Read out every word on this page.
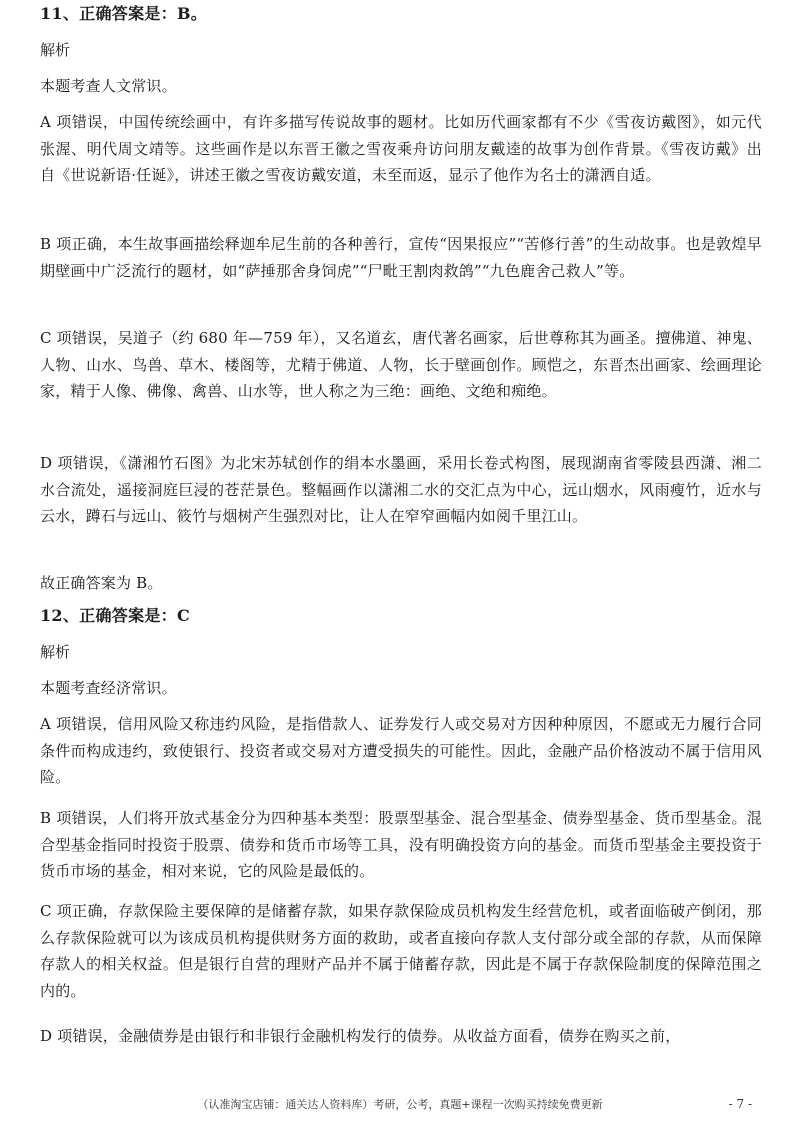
11、正确答案是：B。

解析

本题考查人文常识。

A 项错误，中国传统绘画中，有许多描写传说故事的题材。比如历代画家都有不少《雪夜访戴图》，如元代张渥、明代周文靖等。这些画作是以东晋王徽之雪夜乘舟访问朋友戴逵的故事为创作背景。《雪夜访戴》出自《世说新语·任诞》，讲述王徽之雪夜访戴安道，未至而返，显示了他作为名士的潇洒自适。

B 项正确，本生故事画描绘释迦牟尼生前的各种善行，宣传“因果报应”“苦修行善”的生动故事。也是敦煌早期壁画中广泛流行的题材，如“萨捶那舍身饲虎”“尸毗王割肉救鸽”“九色鹿舍己救人”等。

C 项错误，吴道子（约 680 年—759 年），又名道玄，唐代著名画家，后世尊称其为画圣。擅佛道、神鬼、人物、山水、鸟兽、草木、楼阁等，尤精于佛道、人物，长于壁画创作。顾恺之，东晋杰出画家、绘画理论家，精于人像、佛像、禽兽、山水等，世人称之为三绝：画绝、文绝和痴绝。

D 项错误，《潇湘竹石图》为北宋苏轼创作的绢本水墨画，采用长卷式构图，展现湖南省零陵县西潇、湘二水合流处，遥接洞庭巨浸的苍茫景色。整幅画作以潇湘二水的交汇点为中心，远山烟水，风雨瘦竹，近水与云水，蹲石与远山、筱竹与烟树产生强烈对比，让人在窄窄画幅内如阅千里江山。

故正确答案为 B。

12、正确答案是：C

解析

本题考查经济常识。

A 项错误，信用风险又称违约风险，是指借款人、证券发行人或交易对方因种种原因，不愿或无力履行合同条件而构成违约，致使银行、投资者或交易对方遭受损失的可能性。因此，金融产品价格波动不属于信用风险。

B 项错误，人们将开放式基金分为四种基本类型：股票型基金、混合型基金、债券型基金、货币型基金。混合型基金指同时投资于股票、债券和货币市场等工具，没有明确投资方向的基金。而货币型基金主要投资于货币市场的基金，相对来说，它的风险是最低的。

C 项正确，存款保险主要保障的是储蓄存款，如果存款保险成员机构发生经营危机，或者面临破产倒闭，那么存款保险就可以为该成员机构提供财务方面的救助，或者直接向存款人支付部分或全部的存款，从而保障存款人的相关权益。但是银行自营的理财产品并不属于储蓄存款，因此是不属于存款保险制度的保障范围之内的。

D 项错误，金融债券是由银行和非银行金融机构发行的债券。从收益方面看，债券在购买之前，

（认准淘宝店铺：通关达人资料库）考研，公考，真题+课程一次购买持续免费更新	- 7 -
